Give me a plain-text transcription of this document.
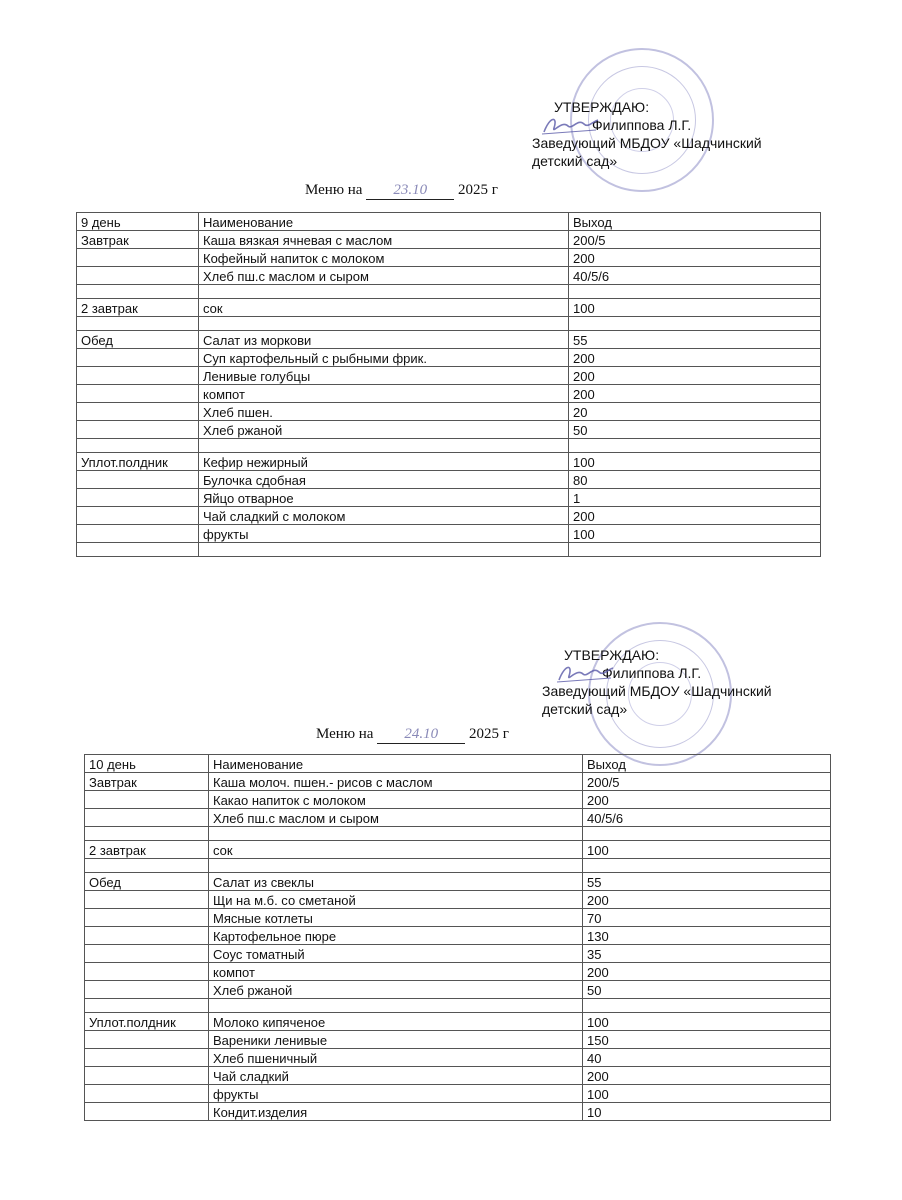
УТВЕРЖДАЮ:
Филиппова Л.Г.
Заведующий МБДОУ «Шадчинский
детский сад»
Меню на 23.10 2025 г
9 день	Наименование	Выход
Завтрак	Каша вязкая ячневая с маслом	200/5
	Кофейный напиток с молоком	200
	Хлеб пш.с маслом и сыром	40/5/6

2 завтрак	сок	100

Обед	Салат из моркови	55
	Суп картофельный с рыбными фрик.	200
	Ленивые голубцы	200
	компот	200
	Хлеб пшен.	20
	Хлеб ржаной	50

Уплот.полдник	Кефир нежирный	100
	Булочка сдобная	80
	Яйцо отварное	1
	Чай сладкий с молоком	200
	фрукты	100

УТВЕРЖДАЮ:
Филиппова Л.Г.
Заведующий МБДОУ «Шадчинский
детский сад»
Меню на 24.10 2025 г
10 день	Наименование	Выход
Завтрак	Каша молоч. пшен.- рисов с маслом	200/5
	Какао напиток с молоком	200
	Хлеб пш.с маслом и сыром	40/5/6

2 завтрак	сок	100

Обед	Салат из свеклы	55
	Щи на м.б. со сметаной	200
	Мясные котлеты	70
	Картофельное пюре	130
	Соус томатный	35
	компот	200
	Хлеб ржаной	50

Уплот.полдник	Молоко кипяченое	100
	Вареники ленивые	150
	Хлеб пшеничный	40
	Чай сладкий	200
	фрукты	100
	Кондит.изделия	10
